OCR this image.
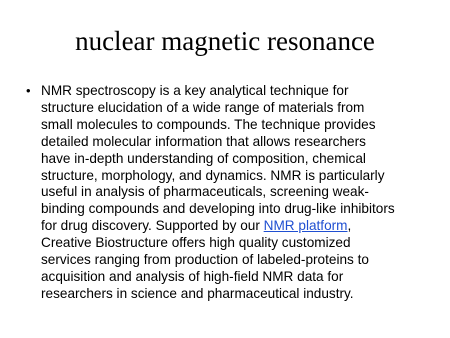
nuclear magnetic resonance
• NMR spectroscopy is a key analytical technique for
structure elucidation of a wide range of materials from
small molecules to compounds. The technique provides
detailed molecular information that allows researchers
have in-depth understanding of composition, chemical
structure, morphology, and dynamics. NMR is particularly
useful in analysis of pharmaceuticals, screening weak-
binding compounds and developing into drug-like inhibitors
for drug discovery. Supported by our NMR platform,
Creative Biostructure offers high quality customized
services ranging from production of labeled-proteins to
acquisition and analysis of high-field NMR data for
researchers in science and pharmaceutical industry.
